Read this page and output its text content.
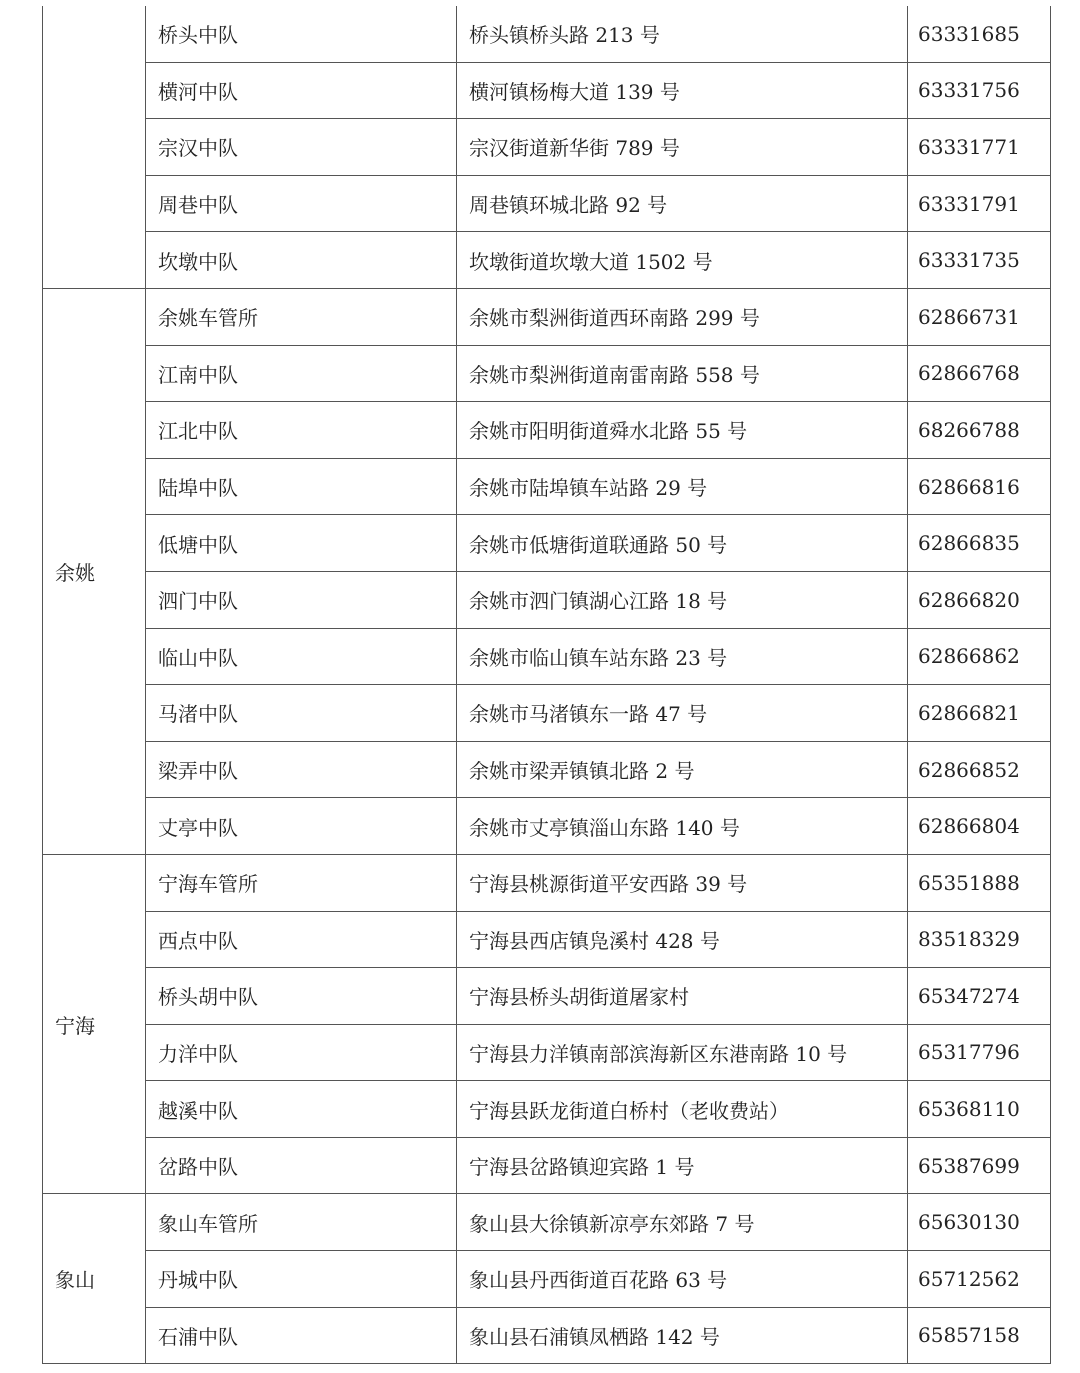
	桥头中队	桥头镇桥头路 213 号	63331685
	横河中队	横河镇杨梅大道 139 号	63331756
	宗汉中队	宗汉街道新华街 789 号	63331771
	周巷中队	周巷镇环城北路 92 号	63331791
	坎墩中队	坎墩街道坎墩大道 1502 号	63331735
余姚	余姚车管所	余姚市梨洲街道西环南路 299 号	62866731
	江南中队	余姚市梨洲街道南雷南路 558 号	62866768
	江北中队	余姚市阳明街道舜水北路 55 号	68266788
	陆埠中队	余姚市陆埠镇车站路 29 号	62866816
	低塘中队	余姚市低塘街道联通路 50 号	62866835
	泗门中队	余姚市泗门镇湖心江路 18 号	62866820
	临山中队	余姚市临山镇车站东路 23 号	62866862
	马渚中队	余姚市马渚镇东一路 47 号	62866821
	梁弄中队	余姚市梁弄镇镇北路 2 号	62866852
	丈亭中队	余姚市丈亭镇淄山东路 140 号	62866804
宁海	宁海车管所	宁海县桃源街道平安西路 39 号	65351888
	西点中队	宁海县西店镇凫溪村 428 号	83518329
	桥头胡中队	宁海县桥头胡街道屠家村	65347274
	力洋中队	宁海县力洋镇南部滨海新区东港南路 10 号	65317796
	越溪中队	宁海县跃龙街道白桥村（老收费站）	65368110
	岔路中队	宁海县岔路镇迎宾路 1 号	65387699
象山	象山车管所	象山县大徐镇新凉亭东郊路 7 号	65630130
	丹城中队	象山县丹西街道百花路 63 号	65712562
	石浦中队	象山县石浦镇凤栖路 142 号	65857158
